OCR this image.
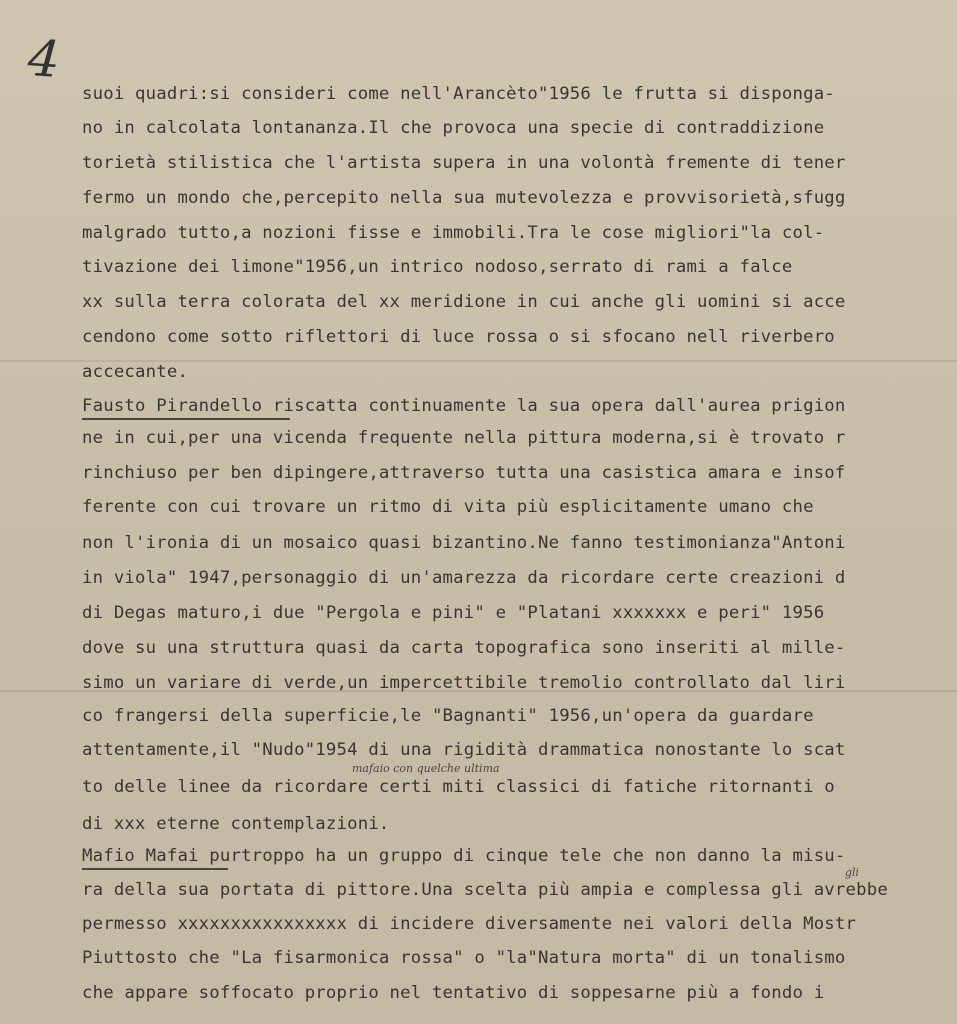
4
suoi quadri:si consideri come nell'Arancèto"1956 le frutta si disponga-
no in calcolata lontananza.Il che provoca una specie di contraddizione
torietà stilistica che l'artista supera in una volontà fremente di tener
fermo un mondo che,percepito nella sua mutevolezza e provvisorietà,sfugg
malgrado tutto,a nozioni fisse e immobili.Tra le cose migliori"la col-
tivazione dei limone"1956,un intrico nodoso,serrato di rami a falce
xx sulla terra colorata del xx meridione in cui anche gli uomini si acce
cendono come sotto riflettori di luce rossa o si sfocano nell riverbero
accecante.
Fausto Pirandello riscatta continuamente la sua opera dall'aurea prigion
ne in cui,per una vicenda frequente nella pittura moderna,si è trovato r
rinchiuso per ben dipingere,attraverso tutta una casistica amara e insof
ferente con cui trovare un ritmo di vita più esplicitamente umano che
non l'ironia di un mosaico quasi bizantino.Ne fanno testimonianza"Antoni
in viola" 1947,personaggio di un'amarezza da ricordare certe creazioni d
di Degas maturo,i due "Pergola e pini" e "Platani xxxxxxx e peri" 1956
dove su una struttura quasi da carta topografica sono inseriti al mille-
simo un variare di verde,un impercettibile tremolio controllato dal liri
co frangersi della superficie,le "Bagnanti" 1956,un'opera da guardare
attentamente,il "Nudo"1954 di una rigidità drammatica nonostante lo scat
to delle linee da ricordare certi miti classici di fatiche ritornanti o
di xxx eterne contemplazioni.
Mafio Mafai purtroppo ha un gruppo di cinque tele che non danno la misu-
ra della sua portata di pittore.Una scelta più ampia e complessa gli avrebbe
permesso xxxxxxxxxxxxxxxx di incidere diversamente nei valori della Mostr
Piuttosto che "La fisarmonica rossa" o "la"Natura morta" di un tonalismo
che appare soffocato proprio nel tentativo di soppesarne più a fondo i
mafaio con quelche ultima
gli
